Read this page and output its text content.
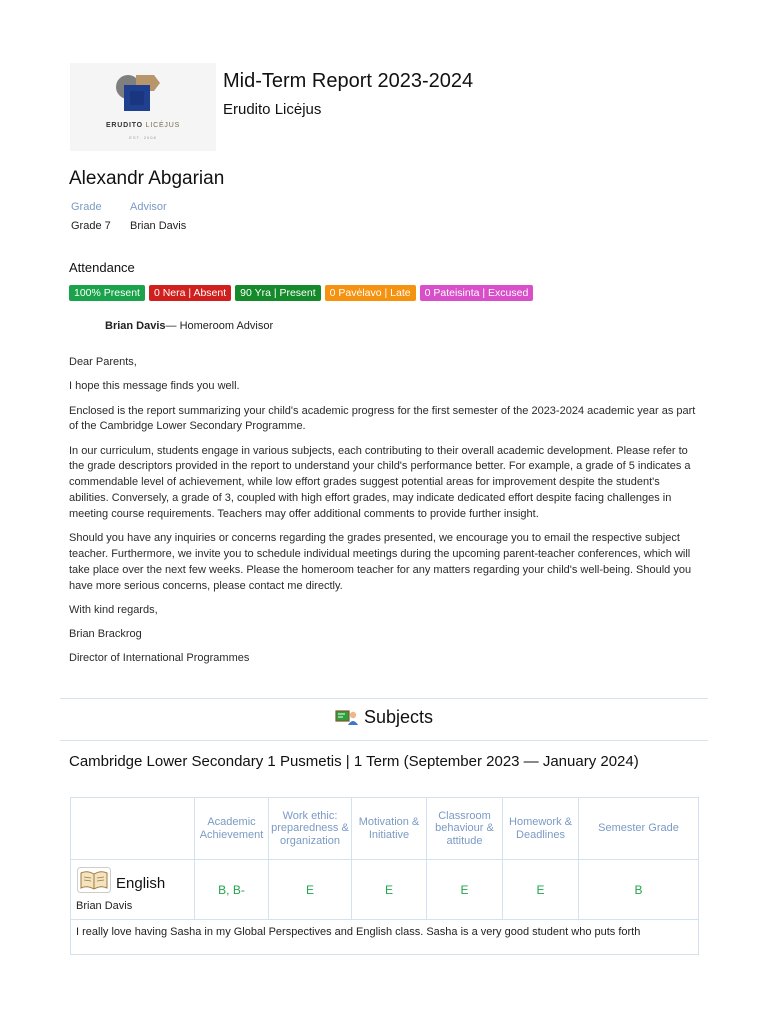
ERUDITO LICĖJUS
EST. 2008
Mid-Term Report 2023-2024
Erudito Licėjus
Alexandr Abgarian
Grade	Advisor
Grade 7 Brian Davis
Attendance
100% Present	0 Nera | Absent	90 Yra | Present	0 Pavėlavo | Late	0 Pateisinta | Excused
Brian Davis— Homeroom Advisor

Dear Parents,

I hope this message finds you well.

Enclosed is the report summarizing your child's academic progress for the first semester of the 2023-2024 academic year as part of the Cambridge Lower Secondary Programme.

In our curriculum, students engage in various subjects, each contributing to their overall academic development. Please refer to the grade descriptors provided in the report to understand your child's performance better. For example, a grade of 5 indicates a commendable level of achievement, while low effort grades suggest potential areas for improvement despite the student's abilities. Conversely, a grade of 3, coupled with high effort grades, may indicate dedicated effort despite facing challenges in meeting course requirements. Teachers may offer additional comments to provide further insight.

Should you have any inquiries or concerns regarding the grades presented, we encourage you to email the respective subject teacher. Furthermore, we invite you to schedule individual meetings during the upcoming parent-teacher conferences, which will take place over the next few weeks. Please the homeroom teacher for any matters regarding your child's well-being. Should you have more serious concerns, please contact me directly.

With kind regards,

Brian Brackrog

Director of International Programmes

Subjects
Cambridge Lower Secondary 1 Pusmetis | 1 Term (September 2023 — January 2024)
	Academic Achievement	Work ethic: preparedness & organization	Motivation & Initiative	Classroom behaviour & attitude	Homework & Deadlines	Semester Grade

English
Brian Davis	B, B-	E	E	E	E	B
I really love having Sasha in my Global Perspectives and English class. Sasha is a very good student who puts forth						
